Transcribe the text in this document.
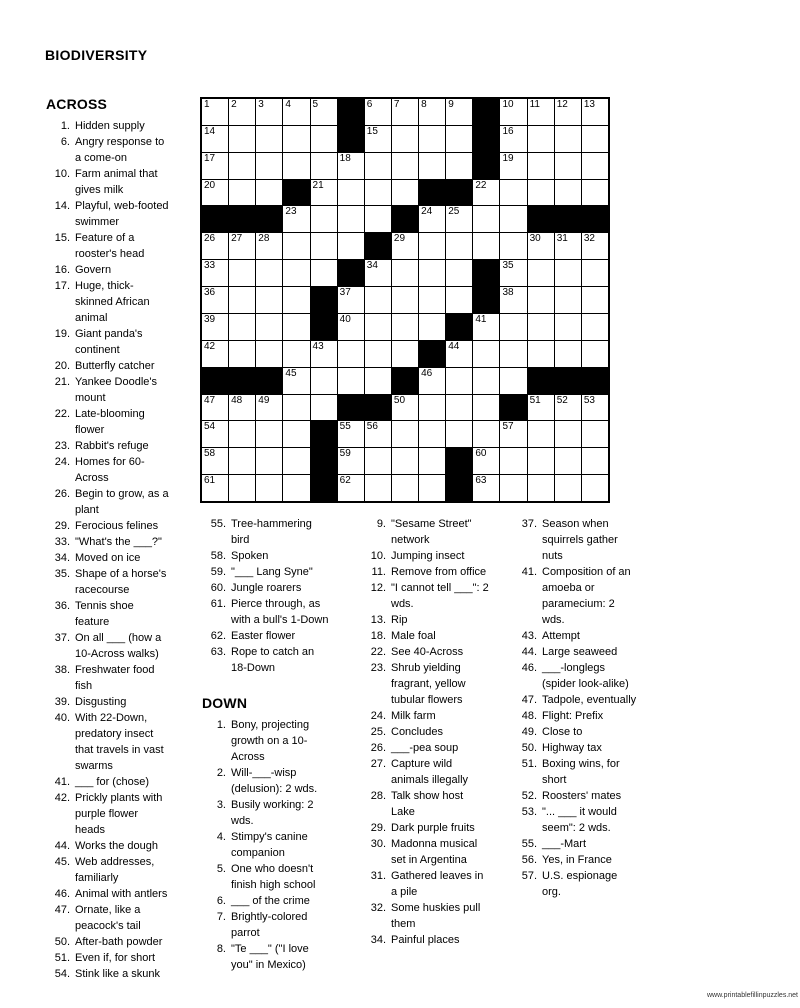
BIODIVERSITY
1 2 3 4 5	6 7 8 9	10 11 12 13
14	15	16
17	18	19
20	21	22
23	24 25
26 27 28	29	30 31 32
33	34	35
36	37	38
39	40	41
42	43	44
45	46
47 48 49	50	51 52 53
54	55 56	57
58	59	60
61	62	63
ACROSS
1. Hidden supply
6. Angry response to a come-on
10. Farm animal that gives milk
14. Playful, web-footed swimmer
15. Feature of a rooster's head
16. Govern
17. Huge, thick-skinned African animal
19. Giant panda's continent
20. Butterfly catcher
21. Yankee Doodle's mount
22. Late-blooming flower
23. Rabbit's refuge
24. Homes for 60-Across
26. Begin to grow, as a plant
29. Ferocious felines
33. "What's the ___?"
34. Moved on ice
35. Shape of a horse's racecourse
36. Tennis shoe feature
37. On all ___ (how a 10-Across walks)
38. Freshwater food fish
39. Disgusting
40. With 22-Down, predatory insect that travels in vast swarms
41. ___ for (chose)
42. Prickly plants with purple flower heads
44. Works the dough
45. Web addresses, familiarly
46. Animal with antlers
47. Ornate, like a peacock's tail
50. After-bath powder
51. Even if, for short
54. Stink like a skunk
55. Tree-hammering bird
58. Spoken
59. "___ Lang Syne"
60. Jungle roarers
61. Pierce through, as with a bull's 1-Down
62. Easter flower
63. Rope to catch an 18-Down
DOWN
1. Bony, projecting growth on a 10-Across
2. Will-___-wisp (delusion): 2 wds.
3. Busily working: 2 wds.
4. Stimpy's canine companion
5. One who doesn't finish high school
6. ___ of the crime
7. Brightly-colored parrot
8. "Te ___" ("I love you" in Mexico)
9. "Sesame Street" network
10. Jumping insect
11. Remove from office
12. "I cannot tell ___": 2 wds.
13. Rip
18. Male foal
22. See 40-Across
23. Shrub yielding fragrant, yellow tubular flowers
24. Milk farm
25. Concludes
26. ___-pea soup
27. Capture wild animals illegally
28. Talk show host Lake
29. Dark purple fruits
30. Madonna musical set in Argentina
31. Gathered leaves in a pile
32. Some huskies pull them
34. Painful places
37. Season when squirrels gather nuts
41. Composition of an amoeba or paramecium: 2 wds.
43. Attempt
44. Large seaweed
46. ___-longlegs (spider look-alike)
47. Tadpole, eventually
48. Flight: Prefix
49. Close to
50. Highway tax
51. Boxing wins, for short
52. Roosters' mates
53. "... ___ it would seem": 2 wds.
55. ___-Mart
56. Yes, in France
57. U.S. espionage org.
www.printablefillinpuzzles.net
